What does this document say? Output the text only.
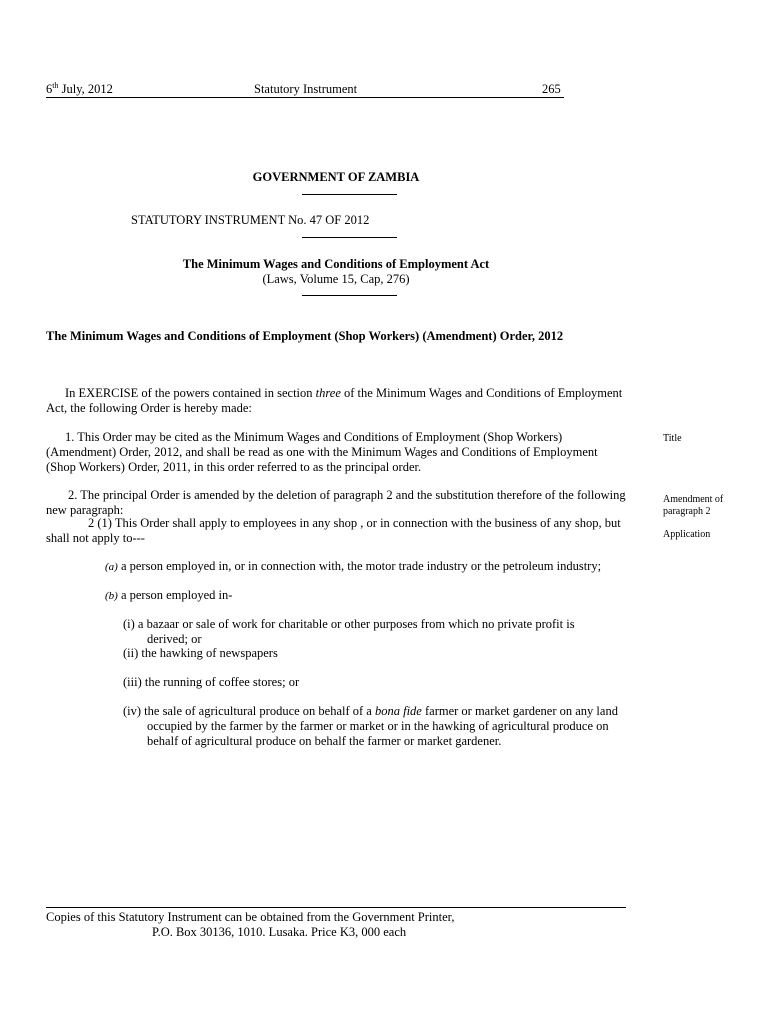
6th July, 2012	Statutory Instrument	265
GOVERNMENT OF ZAMBIA
STATUTORY INSTRUMENT No. 47 OF 2012
The Minimum Wages and Conditions of Employment Act
(Laws, Volume 15, Cap, 276)
The Minimum Wages and Conditions of Employment (Shop Workers) (Amendment) Order, 2012
In EXERCISE of the powers contained in section three of the Minimum Wages and Conditions of Employment Act, the following Order is hereby made:
1. This Order may be cited as the Minimum Wages and Conditions of Employment (Shop Workers) (Amendment) Order, 2012, and shall be read as one with the Minimum Wages and Conditions of Employment (Shop Workers) Order, 2011, in this order referred to as the principal order.
Title
2. The principal Order is amended by the deletion of paragraph 2 and the substitution therefore of the following new paragraph:
Amendment of paragraph 2
2 (1) This Order shall apply to employees in any shop , or in connection with the business of any shop, but
shall not apply to---	Application
(a) a person employed in, or in connection with, the motor trade industry or the petroleum industry;
(b) a person employed in-
(i) a bazaar or sale of work for charitable or other purposes from which no private profit is derived; or
(ii) the hawking of newspapers
(iii) the running of coffee stores; or
(iv) the sale of agricultural produce on behalf of a bona fide farmer or market gardener on any land occupied by the farmer by the farmer or market or in the hawking of agricultural produce on behalf of agricultural produce on behalf the farmer or market gardener.
Copies of this Statutory Instrument can be obtained from the Government Printer,
P.O. Box 30136, 1010. Lusaka. Price K3, 000 each
